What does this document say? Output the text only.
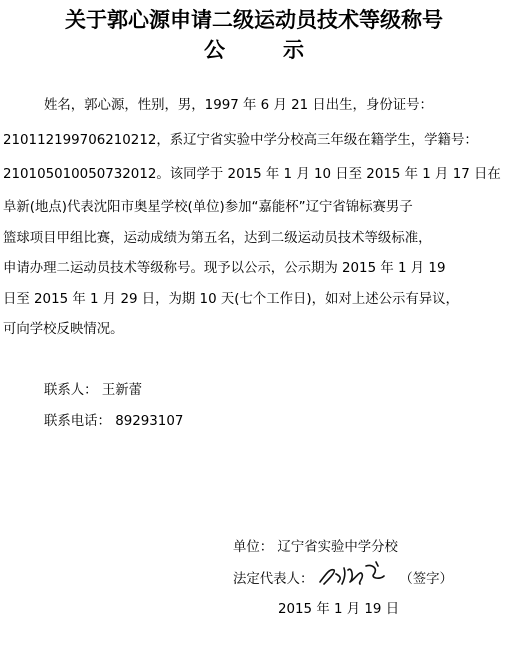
关于郭心源申请二级运动员技术等级称号
公示
姓名，郭心源，性别，男，1997 年 6 月 21 日出生，身份证号：
210112199706210212，系辽宁省实验中学分校高三年级在籍学生，学籍号：
210105010050732012。该同学于 2015 年 1 月 10 日至 2015 年 1 月 17 日在
阜新(地点)代表沈阳市奥星学校(单位)参加“嘉能杯”辽宁省锦标赛男子
篮球项目甲组比赛，运动成绩为第五名，达到二级运动员技术等级标准，
申请办理二运动员技术等级称号。现予以公示，公示期为 2015 年 1 月 19
日至 2015 年 1 月 29 日，为期 10 天(七个工作日)，如对上述公示有异议，
可向学校反映情况。
联系人： 王新蕾
联系电话： 89293107
单位： 辽宁省实验中学分校
法定代表人：	（签字）
2015 年 1 月 19 日
